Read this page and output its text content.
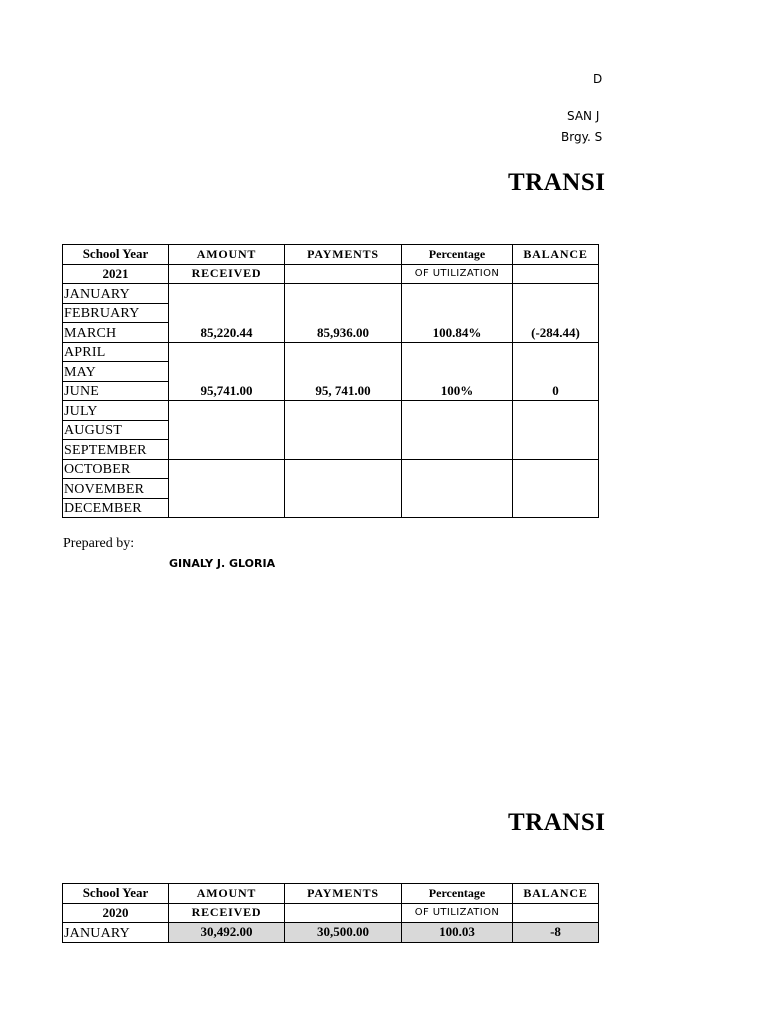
D
SAN J
Brgy. S
TRANSI
School Year	AMOUNT	PAYMENTS	Percentage	BALANCE
2021	RECEIVED		OF UTILIZATION	
JANUARY	85,220.44	85,936.00	100.84%	(-284.44)
FEBRUARY				
MARCH				
APRIL	95,741.00	95, 741.00	100%	0
MAY				
JUNE				
JULY				
AUGUST				
SEPTEMBER				
OCTOBER				
NOVEMBER				
DECEMBER				
Prepared by:
GINALY J. GLORIA
TRANSI
School Year	AMOUNT	PAYMENTS	Percentage	BALANCE
2020	RECEIVED		OF UTILIZATION	
JANUARY	30,492.00	30,500.00	100.03	-8
